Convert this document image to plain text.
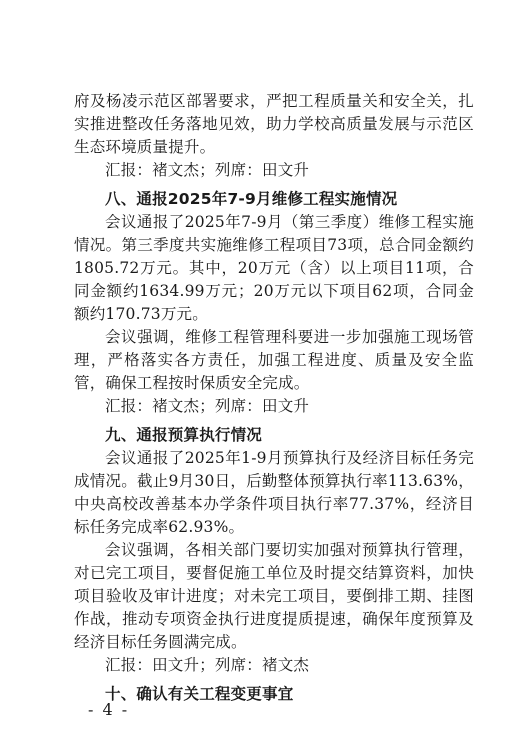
府及杨凌示范区部署要求，严把工程质量关和安全关，扎实推进整改任务落地见效，助力学校高质量发展与示范区生态环境质量提升。

汇报：褚文杰；列席：田文升

八、通报2025年7-9月维修工程实施情况

会议通报了2025年7-9月（第三季度）维修工程实施情况。第三季度共实施维修工程项目73项，总合同金额约1805.72万元。其中，20万元（含）以上项目11项，合同金额约1634.99万元；20万元以下项目62项，合同金额约170.73万元。

会议强调，维修工程管理科要进一步加强施工现场管理，严格落实各方责任，加强工程进度、质量及安全监管，确保工程按时保质安全完成。

汇报：褚文杰；列席：田文升

九、通报预算执行情况

会议通报了2025年1-9月预算执行及经济目标任务完成情况。截止9月30日，后勤整体预算执行率113.63%，中央高校改善基本办学条件项目执行率77.37%，经济目标任务完成率62.93%。

会议强调，各相关部门要切实加强对预算执行管理，对已完工项目，要督促施工单位及时提交结算资料，加快项目验收及审计进度；对未完工项目，要倒排工期、挂图作战，推动专项资金执行进度提质提速，确保年度预算及经济目标任务圆满完成。

汇报：田文升；列席：褚文杰

十、确认有关工程变更事宜

- 4 -
